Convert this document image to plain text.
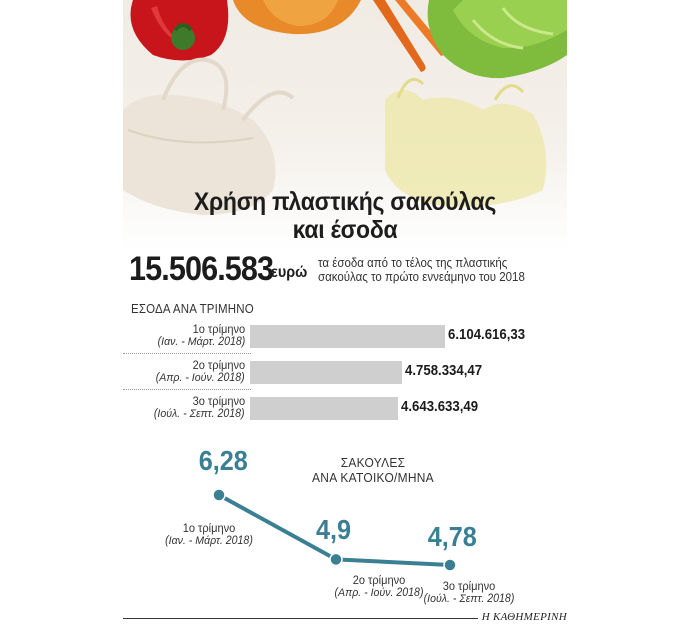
Χρήση πλαστικής σακούλας
και έσοδα
15.506.583
ευρώ
τα έσοδα από το τέλος της πλαστικής
σακούλας το πρώτο εννεάμηνο του 2018
ΕΣΟΔΑ ΑΝΑ ΤΡΙΜΗΝΟ
1ο τρίμηνο
(Ιαν. - Μάρτ. 2018)	6.104.616,33
2ο τρίμηνο
(Απρ. - Ιούν. 2018)	4.758.334,47
3ο τρίμηνο
(Ιούλ. - Σεπτ. 2018)	4.643.633,49
ΣΑΚΟΥΛΕΣ
ΑΝΑ ΚΑΤΟΙΚΟ/ΜΗΝΑ
6,28
4,9	4,78
1ο τρίμηνο
(Ιαν. - Μάρτ. 2018)
2ο τρίμηνο
(Απρ. - Ιούν. 2018)	3ο τρίμηνο
(Ιούλ. - Σεπτ. 2018)
Η ΚΑΘΗΜΕΡΙΝΗ
